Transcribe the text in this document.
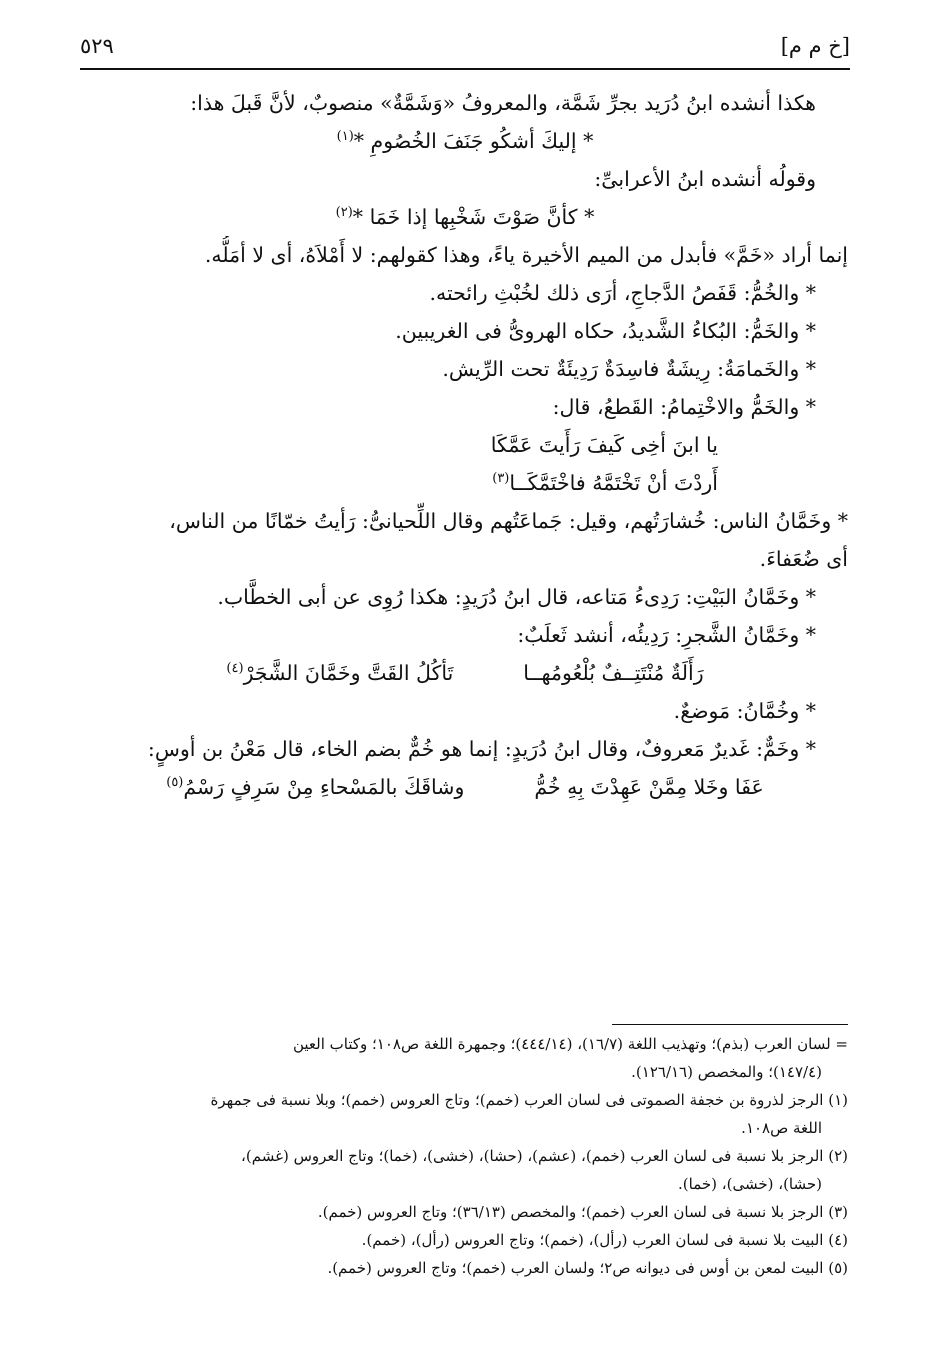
[خ م م]
٥٢٩
هكذا أنشده ابنُ دُرَيد بجرِّ شَمَّة، والمعروفُ «وَشَمَّةٌ» منصوبٌ، لأنَّ قَبلَ هذا:
* إليكَ أشكُو جَنَفَ الخُصُومِ *$^{(١)}$
وقولُه أنشده ابنُ الأعرابىِّ:
* كأنَّ صَوْتَ شَخْبِها إذا خَمَا *$^{(٢)}$
إنما أراد «خَمَّ» فأبدل من الميم الأخيرة ياءً، وهذا كقولهم: لا أَمْلاَهُ، أى لا أمَلُّه.
* والخُمُّ: قَفَصُ الدَّجاجِ، أرَى ذلك لخُبْثِ رائحته.
* والخَمُّ: البُكاءُ الشَّديدُ، حكاه الهروىُّ فى الغريبين.
* والخَمامَةُ: رِيشَةٌ فاسِدَةٌ رَدِيئَةٌ تحت الرِّيش.
* والخَمُّ والاخْتِمامُ: القَطعُ، قال:
يا ابنَ أخِى كَيفَ رَأَيتَ عَمَّكَا
أَردْتَ أنْ تَخْتَمَّهُ فاخْتَمَّكَــا$^{(٣)}$
* وخَمَّانُ الناس: خُشارَتُهم، وقيل: جَماعَتُهم وقال اللِّحيانىُّ: رَأيتُ خمّانًا من الناس،
أى ضُعَفاءَ.
* وخَمَّانُ البَيْتِ: رَدِىءُ مَتاعه، قال ابنُ دُرَيدٍ: هكذا رُوِى عن أبى الخطَّاب.
* وخَمَّانُ الشَّجرِ: رَدِيئُه، أنشد ثَعلَبٌ:
رَأَلَةٌ مُنْتَتِــفٌ بُلْعُومُهــا
تَأكُلُ القَتَّ وخَمَّانَ الشَّجَرْ$^{(٤)}$
* وخُمَّانُ: مَوضعٌ.
* وخَمٌّ: غَديرٌ مَعروفٌ، وقال ابنُ دُرَيدٍ: إنما هو خُمٌّ بضم الخاء، قال مَعْنُ بن أوسٍ:
عَفَا وخَلا مِمَّنْ عَهِدْتَ بِهِ خُمُّ
وشاقَكَ بالمَسْحاءِ مِنْ سَرِفٍ رَسْمُ$^{(٥)}$
= لسان العرب (بذم)؛ وتهذيب اللغة (١٦/٧)، (٤٤٤/١٤)؛ وجمهرة اللغة ص١٠٨؛ وكتاب العين
(١٤٧/٤)؛ والمخصص (١٢٦/١٦).
(١) الرجز لذروة بن خجفة الصموتى فى لسان العرب (خمم)؛ وتاج العروس (خمم)؛ وبلا نسبة فى جمهرة
اللغة ص١٠٨.
(٢) الرجز بلا نسبة فى لسان العرب (خمم)، (عشم)، (حشا)، (خشى)، (خما)؛ وتاج العروس (غشم)،
(حشا)، (خشى)، (خما).
(٣) الرجز بلا نسبة فى لسان العرب (خمم)؛ والمخصص (٣٦/١٣)؛ وتاج العروس (خمم).
(٤) البيت بلا نسبة فى لسان العرب (رأل)، (خمم)؛ وتاج العروس (رأل)، (خمم).
(٥) البيت لمعن بن أوس فى ديوانه ص٢؛ ولسان العرب (خمم)؛ وتاج العروس (خمم).
